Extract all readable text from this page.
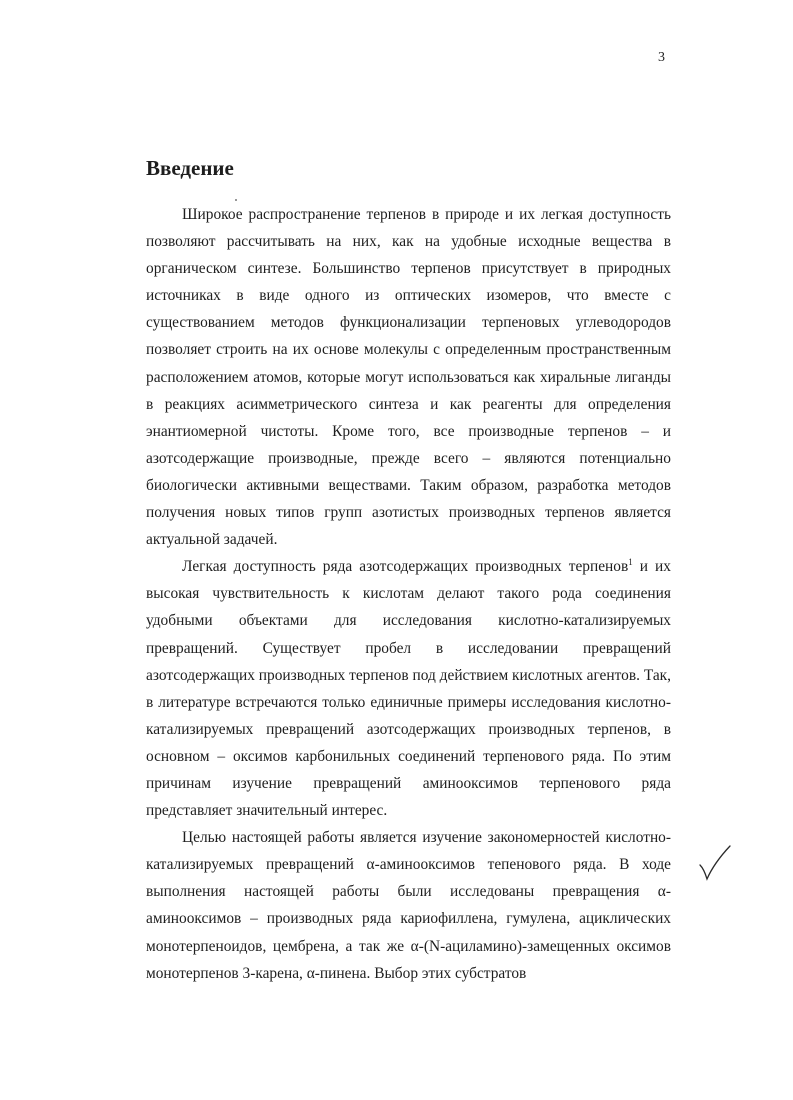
3
Введение

Широкое распространение терпенов в природе и их легкая доступность позволяют рассчитывать на них, как на удобные исходные вещества в органическом синтезе. Большинство терпенов присутствует в природных источниках в виде одного из оптических изомеров, что вместе с существованием методов функционализации терпеновых углеводородов позволяет строить на их основе молекулы с определенным пространственным расположением атомов, которые могут использоваться как хиральные лиганды в реакциях асимметрического синтеза и как реагенты для определения энантиомерной чистоты. Кроме того, все производные терпенов – и азотсодержащие производные, прежде всего – являются потенциально биологически активными веществами. Таким образом, разработка методов получения новых типов групп азотистых производных терпенов является актуальной задачей.

Легкая доступность ряда азотсодержащих производных терпенов$^1$ и их высокая чувствительность к кислотам делают такого рода соединения удобными объектами для исследования кислотно-катализируемых превращений. Существует пробел в исследовании превращений азотсодержащих производных терпенов под действием кислотных агентов. Так, в литературе встречаются только единичные примеры исследования кислотно-катализируемых превращений азотсодержащих производных терпенов, в основном – оксимов карбонильных соединений терпенового ряда. По этим причинам изучение превращений аминооксимов терпенового ряда представляет значительный интерес.

Целью настоящей работы является изучение закономерностей кислотно-катализируемых превращений α-аминооксимов тепенового ряда. В ходе выполнения настоящей работы были исследованы превращения α-аминооксимов – производных ряда кариофиллена, гумулена, ациклических монотерпеноидов, цембрена, а так же α-(N-ациламино)-замещенных оксимов монотерпенов 3-карена, α-пинена. Выбор этих субстратов
